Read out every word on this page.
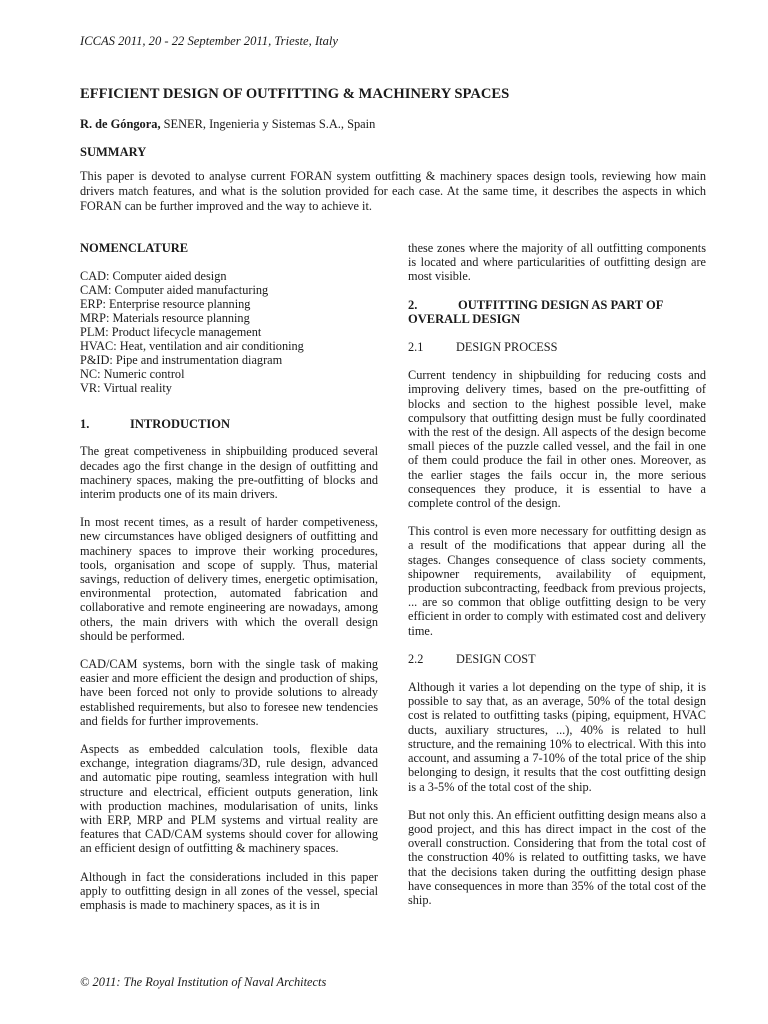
ICCAS 2011, 20 - 22 September 2011, Trieste, Italy
EFFICIENT DESIGN OF OUTFITTING & MACHINERY SPACES
R. de Góngora, SENER, Ingenieria y Sistemas S.A., Spain
SUMMARY
This paper is devoted to analyse current FORAN system outfitting & machinery spaces design tools, reviewing how main drivers match features, and what is the solution provided for each case. At the same time, it describes the aspects in which FORAN can be further improved and the way to achieve it.

NOMENCLATURE

CAD: Computer aided design

CAM: Computer aided manufacturing

ERP: Enterprise resource planning

MRP: Materials resource planning

PLM: Product lifecycle management

HVAC: Heat, ventilation and air conditioning

P&ID: Pipe and instrumentation diagram

NC: Numeric control

VR: Virtual reality

1.	INTRODUCTION

The great competiveness in shipbuilding produced several decades ago the first change in the design of outfitting and machinery spaces, making the pre-outfitting of blocks and interim products one of its main drivers.

In most recent times, as a result of harder competiveness, new circumstances have obliged designers of outfitting and machinery spaces to improve their working procedures, tools, organisation and scope of supply. Thus, material savings, reduction of delivery times, energetic optimisation, environmental protection, automated fabrication and collaborative and remote engineering are nowadays, among others, the main drivers with which the overall design should be performed.

CAD/CAM systems, born with the single task of making easier and more efficient the design and production of ships, have been forced not only to provide solutions to already established requirements, but also to foresee new tendencies and fields for further improvements.

Aspects as embedded calculation tools, flexible data exchange, integration diagrams/3D, rule design, advanced and automatic pipe routing, seamless integration with hull structure and electrical, efficient outputs generation, link with production machines, modularisation of units, links with ERP, MRP and PLM systems and virtual reality are features that CAD/CAM systems should cover for allowing an efficient design of outfitting & machinery spaces.

Although in fact the considerations included in this paper apply to outfitting design in all zones of the vessel, special emphasis is made to machinery spaces, as it is in

these zones where the majority of all outfitting components is located and where particularities of outfitting design are most visible.

2.	OUTFITTING DESIGN AS PART OF
OVERALL DESIGN

2.1	DESIGN PROCESS

Current tendency in shipbuilding for reducing costs and improving delivery times, based on the pre-outfitting of blocks and section to the highest possible level, make compulsory that outfitting design must be fully coordinated with the rest of the design. All aspects of the design become small pieces of the puzzle called vessel, and the fail in one of them could produce the fail in other ones. Moreover, as the earlier stages the fails occur in, the more serious consequences they produce, it is essential to have a complete control of the design.

This control is even more necessary for outfitting design as a result of the modifications that appear during all the stages. Changes consequence of class society comments, shipowner requirements, availability of equipment, production subcontracting, feedback from previous projects, ... are so common that oblige outfitting design to be very efficient in order to comply with estimated cost and delivery time.

2.2	DESIGN COST

Although it varies a lot depending on the type of ship, it is possible to say that, as an average, 50% of the total design cost is related to outfitting tasks (piping, equipment, HVAC ducts, auxiliary structures, ...), 40% is related to hull structure, and the remaining 10% to electrical. With this into account, and assuming a 7-10% of the total price of the ship belonging to design, it results that the cost outfitting design is a 3-5% of the total cost of the ship.

But not only this. An efficient outfitting design means also a good project, and this has direct impact in the cost of the overall construction. Considering that from the total cost of the construction 40% is related to outfitting tasks, we have that the decisions taken during the outfitting design phase have consequences in more than 35% of the total cost of the ship.

© 2011: The Royal Institution of Naval Architects
